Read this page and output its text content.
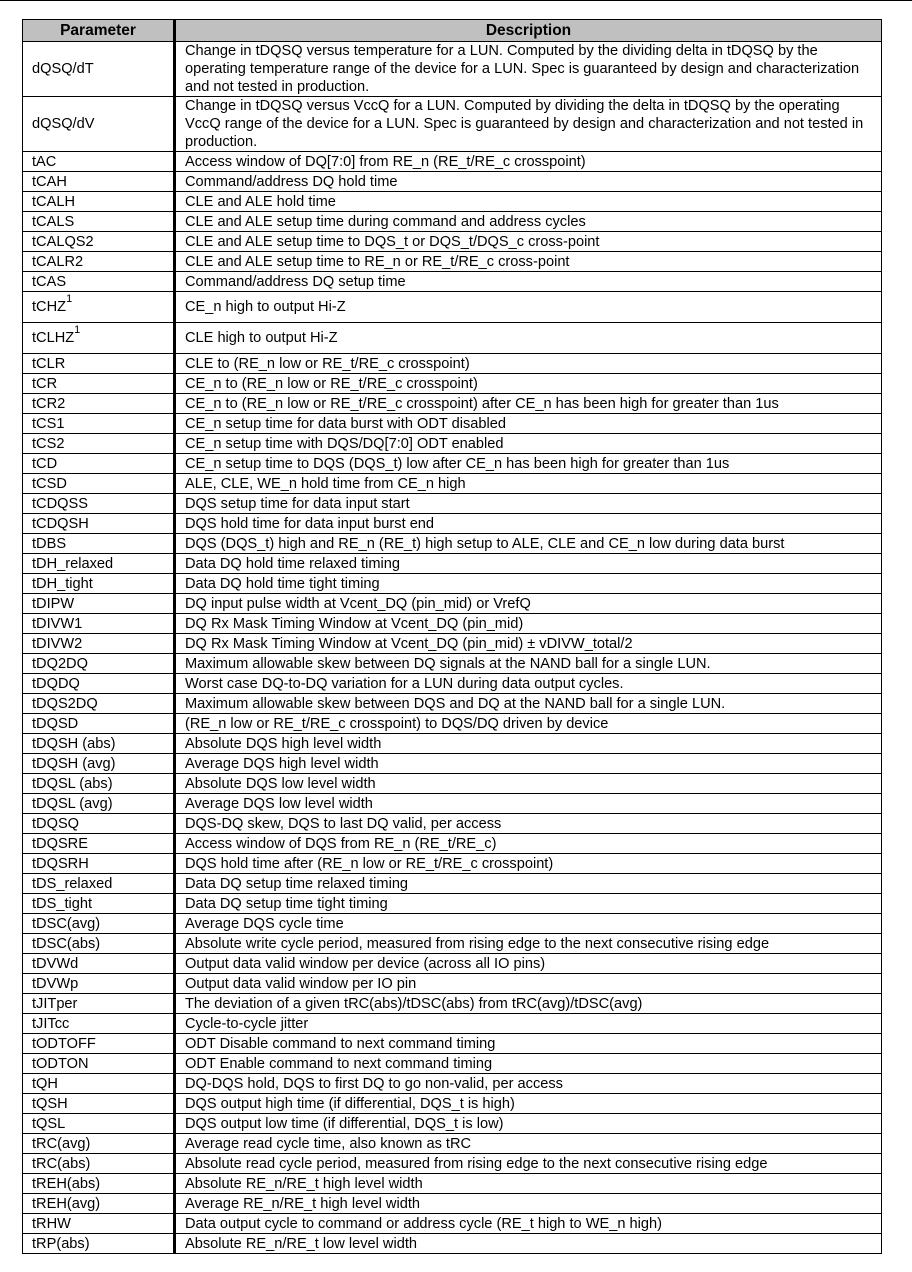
Parameter	Description
dQSQ/dT	Change in tDQSQ versus temperature for a LUN. Computed by the dividing delta in tDQSQ by the operating temperature range of the device for a LUN. Spec is guaranteed by design and characterization and not tested in production.
dQSQ/dV	Change in tDQSQ versus VccQ for a LUN. Computed by dividing the delta in tDQSQ by the operating VccQ range of the device for a LUN. Spec is guaranteed by design and characterization and not tested in production.
tAC	Access window of DQ[7:0] from RE_n (RE_t/RE_c crosspoint)
tCAH	Command/address DQ hold time
tCALH	CLE and ALE hold time
tCALS	CLE and ALE setup time during command and address cycles
tCALQS2	CLE and ALE setup time to DQS_t or DQS_t/DQS_c cross-point
tCALR2	CLE and ALE setup time to RE_n or RE_t/RE_c cross-point
tCAS	Command/address DQ setup time
tCHZ$^1$	CE_n high to output Hi-Z
tCLHZ$^1$	CLE high to output Hi-Z
tCLR	CLE to (RE_n low or RE_t/RE_c crosspoint)
tCR	CE_n to (RE_n low or RE_t/RE_c crosspoint)
tCR2	CE_n to (RE_n low or RE_t/RE_c crosspoint) after CE_n has been high for greater than 1us
tCS1	CE_n setup time for data burst with ODT disabled
tCS2	CE_n setup time with DQS/DQ[7:0] ODT enabled
tCD	CE_n setup time to DQS (DQS_t) low after CE_n has been high for greater than 1us
tCSD	ALE, CLE, WE_n hold time from CE_n high
tCDQSS	DQS setup time for data input start
tCDQSH	DQS hold time for data input burst end
tDBS	DQS (DQS_t) high and RE_n (RE_t) high setup to ALE, CLE and CE_n low during data burst
tDH_relaxed	Data DQ hold time relaxed timing
tDH_tight	Data DQ hold time tight timing
tDIPW	DQ input pulse width at Vcent_DQ (pin_mid) or VrefQ
tDIVW1	DQ Rx Mask Timing Window at Vcent_DQ (pin_mid)
tDIVW2	DQ Rx Mask Timing Window at Vcent_DQ (pin_mid) ± vDIVW_total/2
tDQ2DQ	Maximum allowable skew between DQ signals at the NAND ball for a single LUN.
tDQDQ	Worst case DQ-to-DQ variation for a LUN during data output cycles.
tDQS2DQ	Maximum allowable skew between DQS and DQ at the NAND ball for a single LUN.
tDQSD	(RE_n low or RE_t/RE_c crosspoint) to DQS/DQ driven by device
tDQSH (abs)	Absolute DQS high level width
tDQSH (avg)	Average DQS high level width
tDQSL (abs)	Absolute DQS low level width
tDQSL (avg)	Average DQS low level width
tDQSQ	DQS-DQ skew, DQS to last DQ valid, per access
tDQSRE	Access window of DQS from RE_n (RE_t/RE_c)
tDQSRH	DQS hold time after (RE_n low or RE_t/RE_c crosspoint)
tDS_relaxed	Data DQ setup time relaxed timing
tDS_tight	Data DQ setup time tight timing
tDSC(avg)	Average DQS cycle time
tDSC(abs)	Absolute write cycle period, measured from rising edge to the next consecutive rising edge
tDVWd	Output data valid window per device (across all IO pins)
tDVWp	Output data valid window per IO pin
tJITper	The deviation of a given tRC(abs)/tDSC(abs) from tRC(avg)/tDSC(avg)
tJITcc	Cycle-to-cycle jitter
tODTOFF	ODT Disable command to next command timing
tODTON	ODT Enable command to next command timing
tQH	DQ-DQS hold, DQS to first DQ to go non-valid, per access
tQSH	DQS output high time (if differential, DQS_t is high)
tQSL	DQS output low time (if differential, DQS_t is low)
tRC(avg)	Average read cycle time, also known as tRC
tRC(abs)	Absolute read cycle period, measured from rising edge to the next consecutive rising edge
tREH(abs)	Absolute RE_n/RE_t high level width
tREH(avg)	Average RE_n/RE_t high level width
tRHW	Data output cycle to command or address cycle (RE_t high to WE_n high)
tRP(abs)	Absolute RE_n/RE_t low level width
